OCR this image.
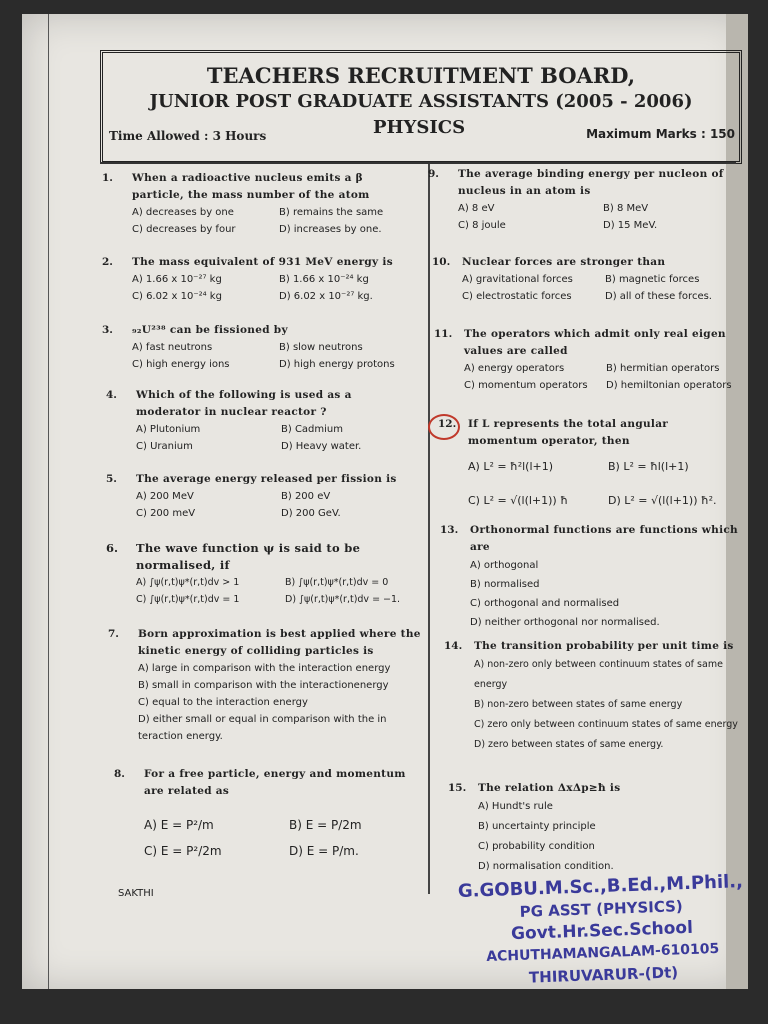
TEACHERS RECRUITMENT BOARD,
JUNIOR POST GRADUATE ASSISTANTS (2005 - 2006)
PHYSICS
Time Allowed : 3 Hours	Maximum Marks : 150
1. When a radioactive nucleus emits a β particle, the mass number of the atom
A) decreases by one	B) remains the same
C) decreases by four	D) increases by one.
2. The mass equivalent of 931 MeV energy is
A) 1.66 x 10⁻²⁷ kg	B) 1.66 x 10⁻²⁴ kg
C) 6.02 x 10⁻²⁴ kg	D) 6.02 x 10⁻²⁷ kg.
3. ₉₂U²³⁸ can be fissioned by
A) fast neutrons	B) slow neutrons
C) high energy ions	D) high energy protons
4. Which of the following is used as a moderator in nuclear reactor ?
A) Plutonium	B) Cadmium
C) Uranium	D) Heavy water.
5. The average energy released per fission is
A) 200 MeV	B) 200 eV
C) 200 meV	D) 200 GeV.
6. The wave function ψ is said to be normalised, if
A) ∫ψ(r,t)ψ*(r,t)dv > 1	B) ∫ψ(r,t)ψ*(r,t)dv = 0
C) ∫ψ(r,t)ψ*(r,t)dv = 1	D) ∫ψ(r,t)ψ*(r,t)dv = −1.
7. Born approximation is best applied where the kinetic energy of colliding particles is
A) large in comparison with the interaction energy
B) small in comparison with the interactionenergy
C) equal to the interaction energy
D) either small or equal in comparison with the in teraction energy.
8. For a free particle, energy and momentum are related as
A) E = P²/m	B) E = P/2m
C) E = P²/2m	D) E = P/m.
9. The average binding energy per nucleon of nucleus in an atom is
A) 8 eV	B) 8 MeV
C) 8 joule	D) 15 MeV.
10. Nuclear forces are stronger than
A) gravitational forces	B) magnetic forces
C) electrostatic forces	D) all of these forces.
11. The operators which admit only real eigen values are called
A) energy operators	B) hermitian operators
C) momentum operators	D) hemiltonian operators
12. If L represents the total angular momentum operator, then
A) L² = ħ²l(l+1)	B) L² = ħl(l+1)
C) L² = √(l(l+1)) ħ	D) L² = √(l(l+1)) ħ².
13. Orthonormal functions are functions which are
A) orthogonal
B) normalised
C) orthogonal and normalised
D) neither orthogonal nor normalised.
14. The transition probability per unit time is
A) non-zero only between continuum states of same energy
B) non-zero between states of same energy
C) zero only between continuum states of same energy
D) zero between states of same energy.
15. The relation ΔxΔp≥ħ is
A) Hundt's rule
B) uncertainty principle
C) probability condition
D) normalisation condition.
SAKTHI	G.GOBU.M.Sc.,B.Ed.,M.Phil.,
PG ASST (PHYSICS)
Govt.Hr.Sec.School
ACHUTHAMANGALAM-610105
THIRUVARUR-(Dt)
